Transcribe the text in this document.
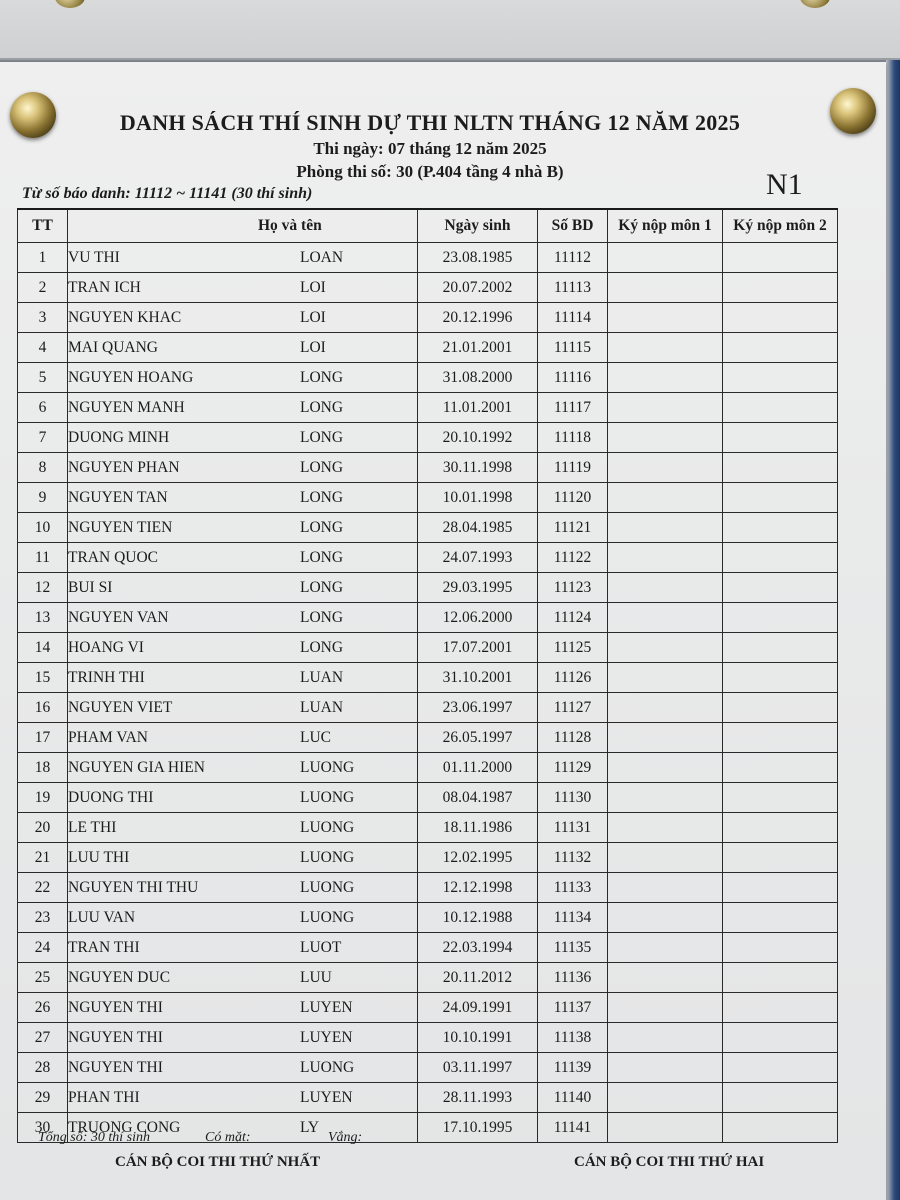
DANH SÁCH THÍ SINH DỰ THI NLTN THÁNG 12 NĂM 2025
Thi ngày: 07 tháng 12 năm 2025
Phòng thi số: 30 (P.404 tầng 4 nhà B)
Từ số báo danh: 11112 ~ 11141 (30 thí sinh)	N1
TT	Họ và tên	Ngày sinh	Số BD	Ký nộp môn 1	Ký nộp môn 2
1	VU THI LOAN	23.08.1985	11112		
2	TRAN ICH LOI	20.07.2002	11113		
3	NGUYEN KHAC LOI	20.12.1996	11114		
4	MAI QUANG LOI	21.01.2001	11115		
5	NGUYEN HOANG LONG	31.08.2000	11116		
6	NGUYEN MANH LONG	11.01.2001	11117		
7	DUONG MINH LONG	20.10.1992	11118		
8	NGUYEN PHAN LONG	30.11.1998	11119		
9	NGUYEN TAN LONG	10.01.1998	11120		
10	NGUYEN TIEN LONG	28.04.1985	11121		
11	TRAN QUOC LONG	24.07.1993	11122		
12	BUI SI LONG	29.03.1995	11123		
13	NGUYEN VAN LONG	12.06.2000	11124		
14	HOANG VI LONG	17.07.2001	11125		
15	TRINH THI LUAN	31.10.2001	11126		
16	NGUYEN VIET LUAN	23.06.1997	11127		
17	PHAM VAN LUC	26.05.1997	11128		
18	NGUYEN GIA HIEN LUONG	01.11.2000	11129		
19	DUONG THI LUONG	08.04.1987	11130		
20	LE THI LUONG	18.11.1986	11131		
21	LUU THI LUONG	12.02.1995	11132		
22	NGUYEN THI THU LUONG	12.12.1998	11133		
23	LUU VAN LUONG	10.12.1988	11134		
24	TRAN THI LUOT	22.03.1994	11135		
25	NGUYEN DUC LUU	20.11.2012	11136		
26	NGUYEN THI LUYEN	24.09.1991	11137		
27	NGUYEN THI LUYEN	10.10.1991	11138		
28	NGUYEN THI LUONG	03.11.1997	11139		
29	PHAN THI LUYEN	28.11.1993	11140		
30	TRUONG CONG LY	17.10.1995	11141		
Tổng số: 30 thí sinh	Có mặt:	Vắng:
CÁN BỘ COI THI THỨ NHẤT	CÁN BỘ COI THI THỨ HAI
